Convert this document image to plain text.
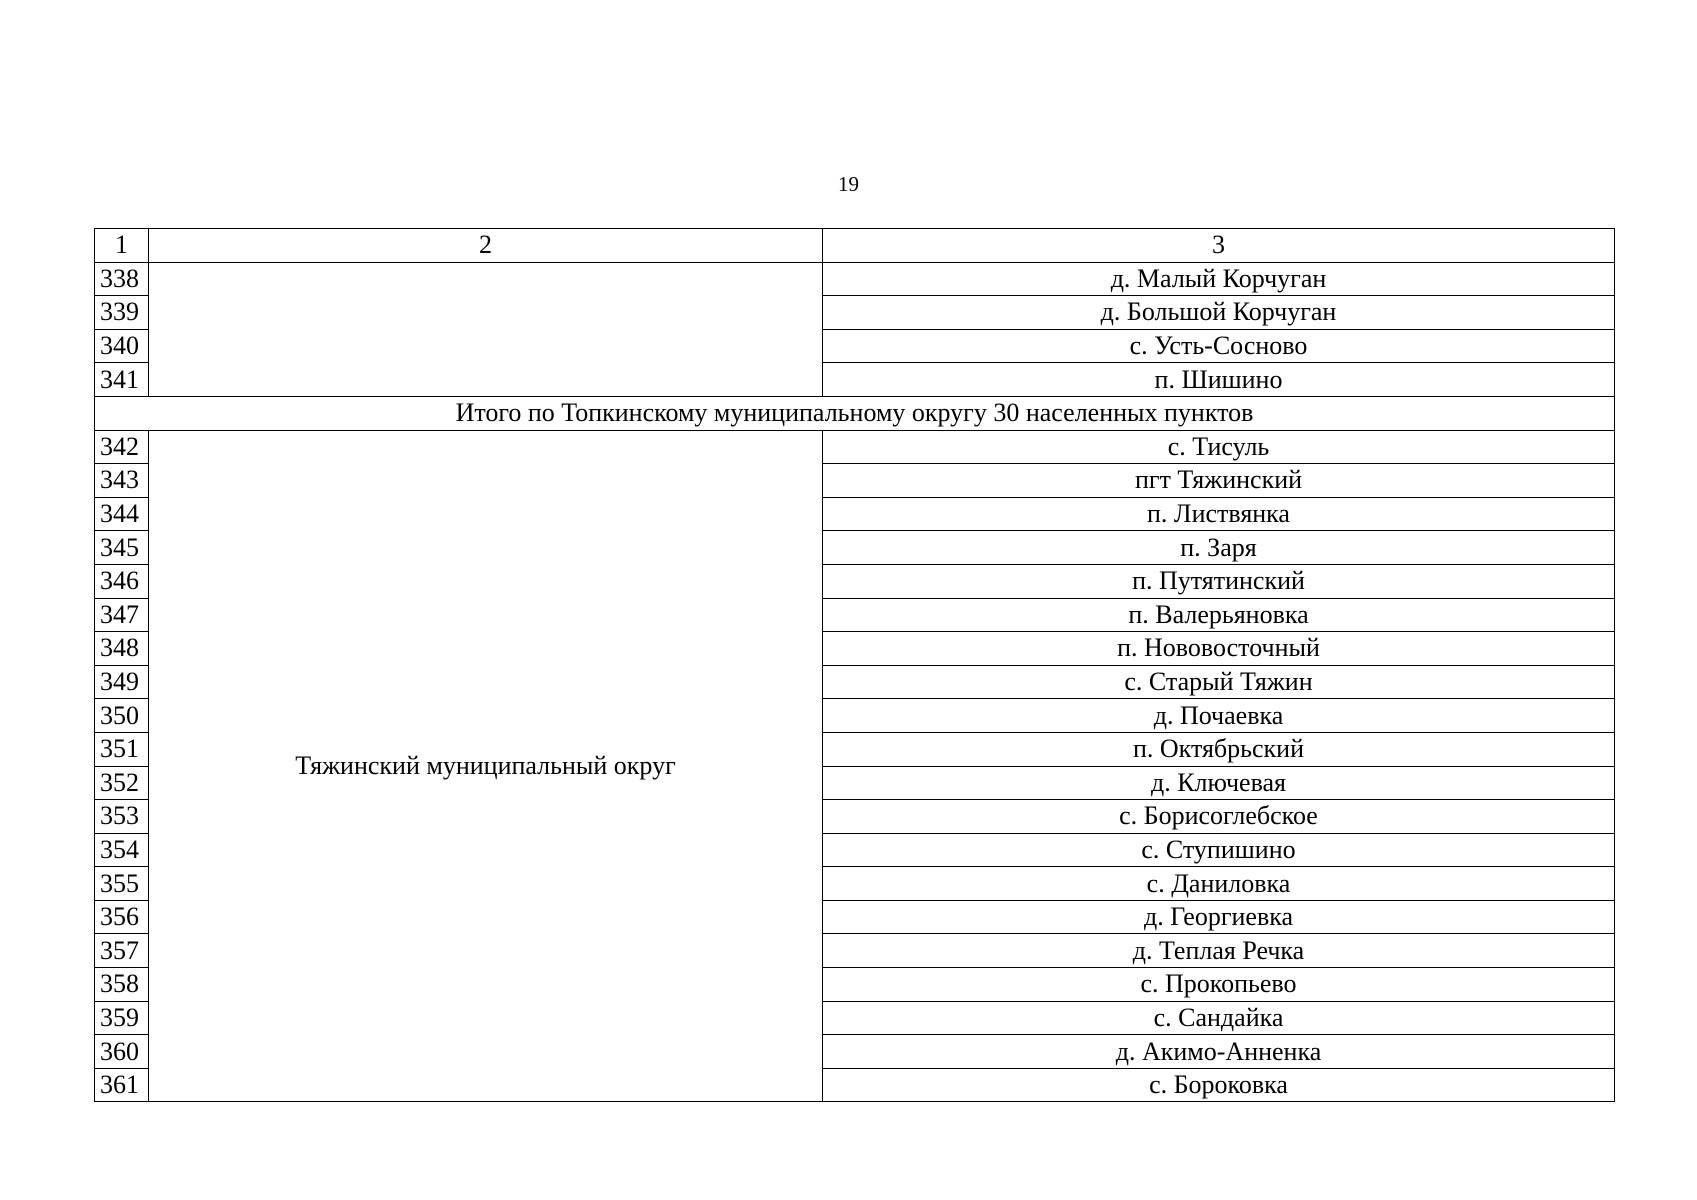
19
1	2	3
338		д. Малый Корчуган
339		д. Большой Корчуган
340		с. Усть-Сосново
341		п. Шишино
Итого по Топкинскому муниципальному округу 30 населенных пунктов		
342	Тяжинский муниципальный округ	с. Тисуль
343		пгт Тяжинский
344		п. Листвянка
345		п. Заря
346		п. Путятинский
347		п. Валерьяновка
348		п. Нововосточный
349		с. Старый Тяжин
350		д. Почаевка
351		п. Октябрьский
352		д. Ключевая
353		с. Борисоглебское
354		с. Ступишино
355		с. Даниловка
356		д. Георгиевка
357		д. Теплая Речка
358		с. Прокопьево
359		с. Сандайка
360		д. Акимо-Анненка
361		с. Бороковка
